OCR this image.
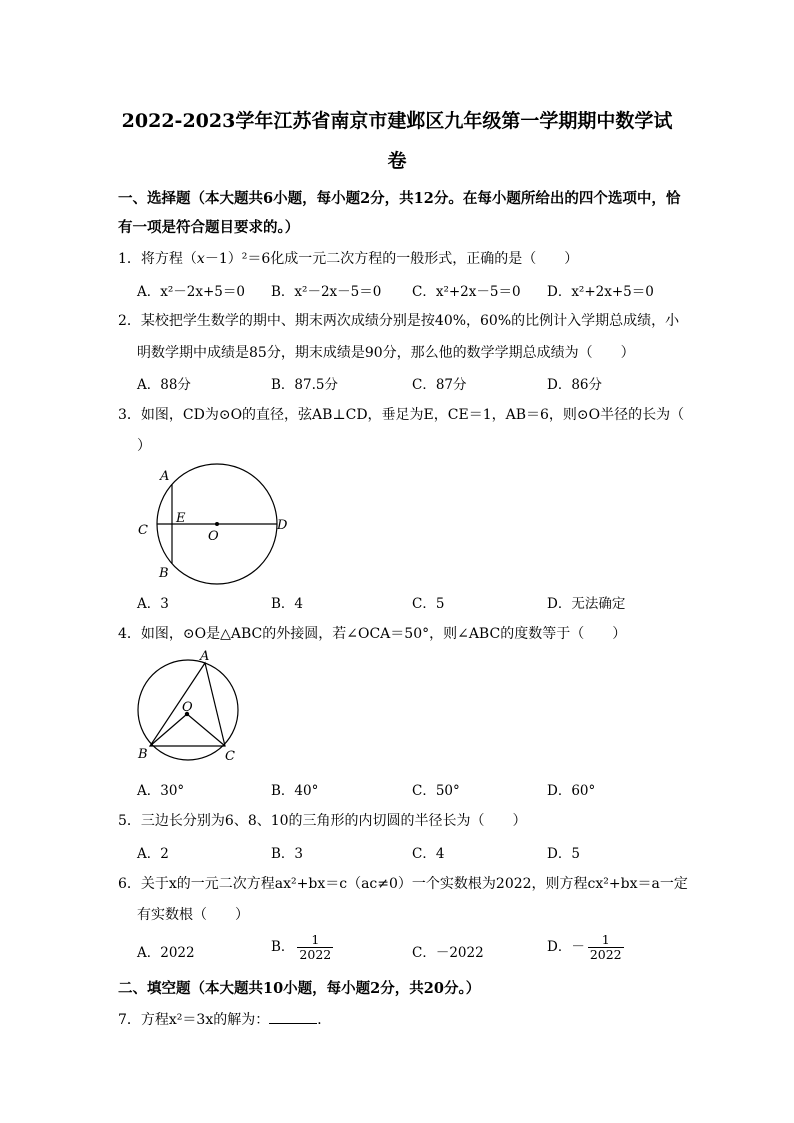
2022-2023学年江苏省南京市建邺区九年级第一学期期中数学试
卷
一、选择题（本大题共6小题，每小题2分，共12分。在每小题所给出的四个选项中，恰
有一项是符合题目要求的。）
1．将方程（x－1）²＝6化成一元二次方程的一般形式，正确的是（　　）
A．x²－2x+5＝0 B．x²－2x－5＝0 C．x²+2x－5＝0 D．x²+2x+5＝0
2．某校把学生数学的期中、期末两次成绩分别是按40%，60%的比例计入学期总成绩，小
明数学期中成绩是85分，期末成绩是90分，那么他的数学学期总成绩为（　　）
A．88分	B．87.5分	C．87分	D．86分
3．如图，CD为⊙O的直径，弦AB⊥CD，垂足为E，CE＝1，AB＝6，则⊙O半径的长为（
）
A
B
C	D
E
O
A．3	B．4	C．5	D．无法确定
4．如图，⊙O是△ABC的外接圆，若∠OCA＝50°，则∠ABC的度数等于（　　）
A
B	C
O
A．30°	B．40°	C．50°	D．60°
5．三边长分别为6、8、10的三角形的内切圆的半径长为（　　）
A．2	B．3	C．4	D．5
6．关于x的一元二次方程ax²+bx＝c（ac≠0）一个实数根为2022，则方程cx²+bx＝a一定
有实数根（　　）
A．2022	B． $\frac{1}{2022}$	C．－2022	D．－ $\frac{1}{2022}$
二、填空题（本大题共10小题，每小题2分，共20分。）
7．方程x²＝3x的解为：	．
